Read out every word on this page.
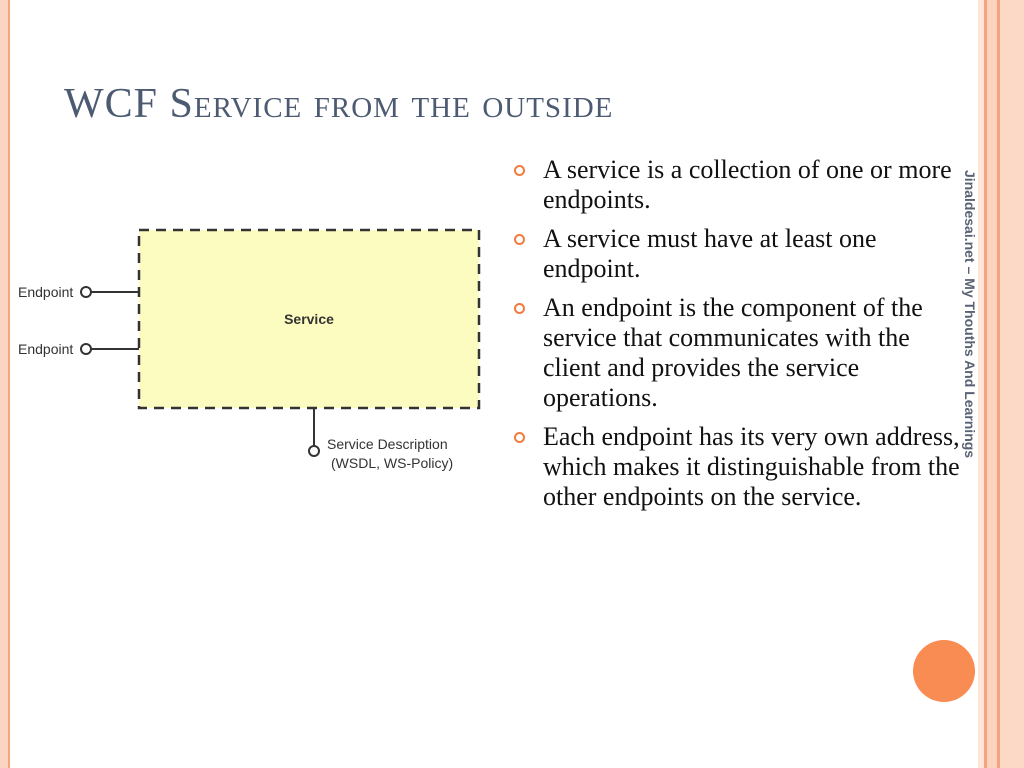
WCF Service from the outside
Service
Endpoint
Endpoint
Service Description
(WSDL, WS-Policy)
A service is a collection of one or more endpoints.
A service must have at least one endpoint.
An endpoint is the component of the service that communicates with the client and provides the service operations.
Each endpoint has its very own address, which makes it distinguishable from the other endpoints on the service.
Jinaldesai.net – My Thouths And Learnings
